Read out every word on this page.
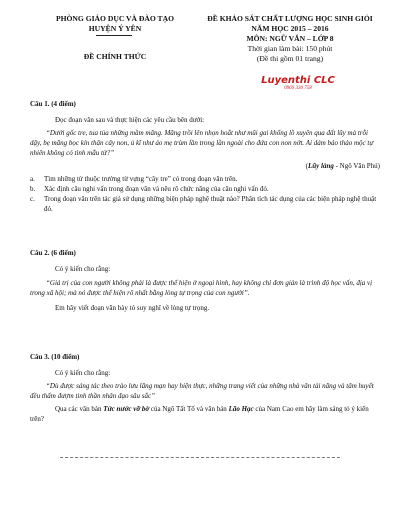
PHÒNG GIÁO DỤC VÀ ĐÀO TẠO
HUYỆN Ý YÊN
ĐỀ CHÍNH THỨC
ĐỀ KHẢO SÁT CHẤT LƯỢNG HỌC SINH GIỎI
NĂM HỌC 2015 – 2016
MÔN: NGỮ VĂN – LỚP 8
Thời gian làm bài: 150 phút
(Đề thi gồm 01 trang)
Luyenthi CLC
0969 330 758
Câu 1. (4 điểm)
Đọc đoạn văn sau và thực hiện các yêu cầu bên dưới:
“Dưới gốc tre, tua tủa những mầm măng. Măng trồi lên nhọn hoắt như mũi gai khổng lồ xuyên qua đất lũy mà trỗi dậy, bẹ măng bọc kín thân cây non, ủ kĩ như áo mẹ trùm lần trong lần ngoài cho đứa con non nớt. Ai dám bảo thảo mộc tự nhiên không có tình mẫu tử?”
(Lũy làng - Ngô Văn Phú)
a.	Tìm những từ thuộc trường từ vựng “cây tre” có trong đoạn văn trên.
b.	Xác định câu nghi vấn trong đoạn văn và nêu rõ chức năng của câu nghi vấn đó.
c.	Trong đoạn văn trên tác giả sử dụng những biện pháp nghệ thuật nào? Phân tích tác dụng của các biện pháp nghệ thuật đó.
Câu 2. (6 điểm)
Có ý kiến cho rằng:
“Giá trị của con người không phải là được thể hiện ở ngoại hình, hay không chỉ đơn giản là trình độ học vấn, địa vị trong xã hội; mà nó được thể hiện rõ nhất bằng lòng tự trọng của con người”.
Em hãy viết đoạn văn bày tỏ suy nghĩ về lòng tự trọng.
Câu 3. (10 điểm)
Có ý kiến cho rằng:
“Dù được sáng tác theo trào lưu lãng mạn hay hiện thực, những trang viết của những nhà văn tài năng và tâm huyết đều thấm đượm tinh thần nhân đạo sâu sắc”
Qua các văn bản Tức nước vỡ bờ của Ngô Tất Tố và văn bản Lão Hạc của Nam Cao em hãy làm sáng tỏ ý kiến trên?
